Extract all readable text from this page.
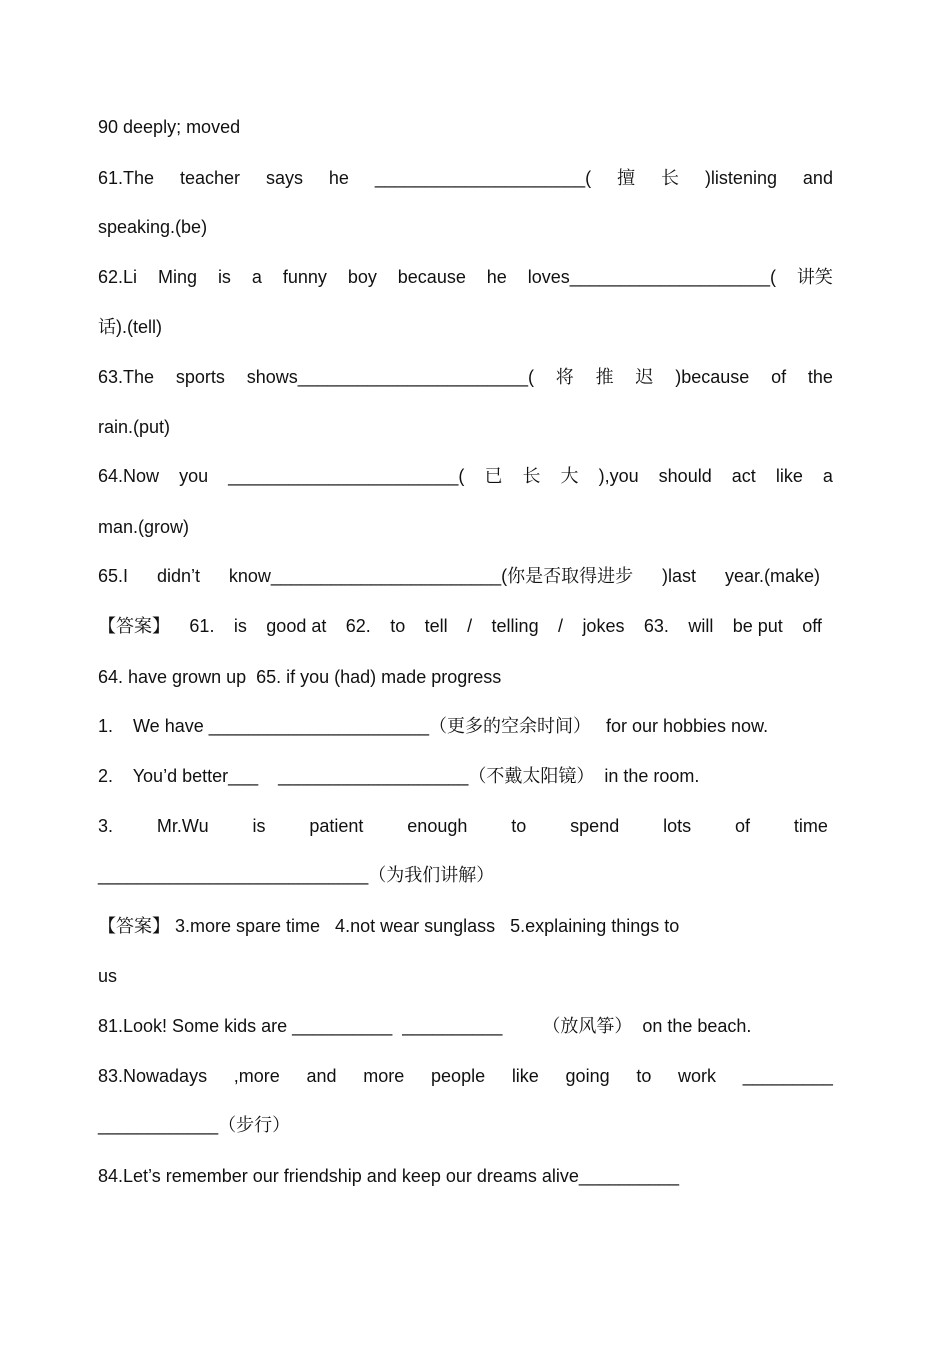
90 deeply; moved
61.The teacher says he _____________________( 擅 长 )listening and
speaking.(be)
62.Li Ming is a funny boy because he loves____________________( 讲笑
话).(tell)
63.The sports shows_______________________( 将 推 迟 )because of the
rain.(put)
64.Now you _______________________( 已 长 大 ),you should act like a
man.(grow)
65.I didn’t know_______________________(你是否取得进步 )last year.(make)
【答案】 61. is good at 62. to tell / telling / jokes 63. will be put off
64. have grown up  65. if you (had) made progress
1.    We have ______________________（更多的空余时间）   for our hobbies now.
2.    You’d better___    ___________________（不戴太阳镜）  in the room.
3. Mr.Wu is patient enough to spend lots of time
___________________________（为我们讲解）
【答案】 3.more spare time   4.not wear sunglass   5.explaining things to
us
81.Look! Some kids are __________  __________        （放风筝）  on the beach.
83.Nowadays ,more and more people like going to work _________
____________（步行）
84.Let’s remember our friendship and keep our dreams alive__________
